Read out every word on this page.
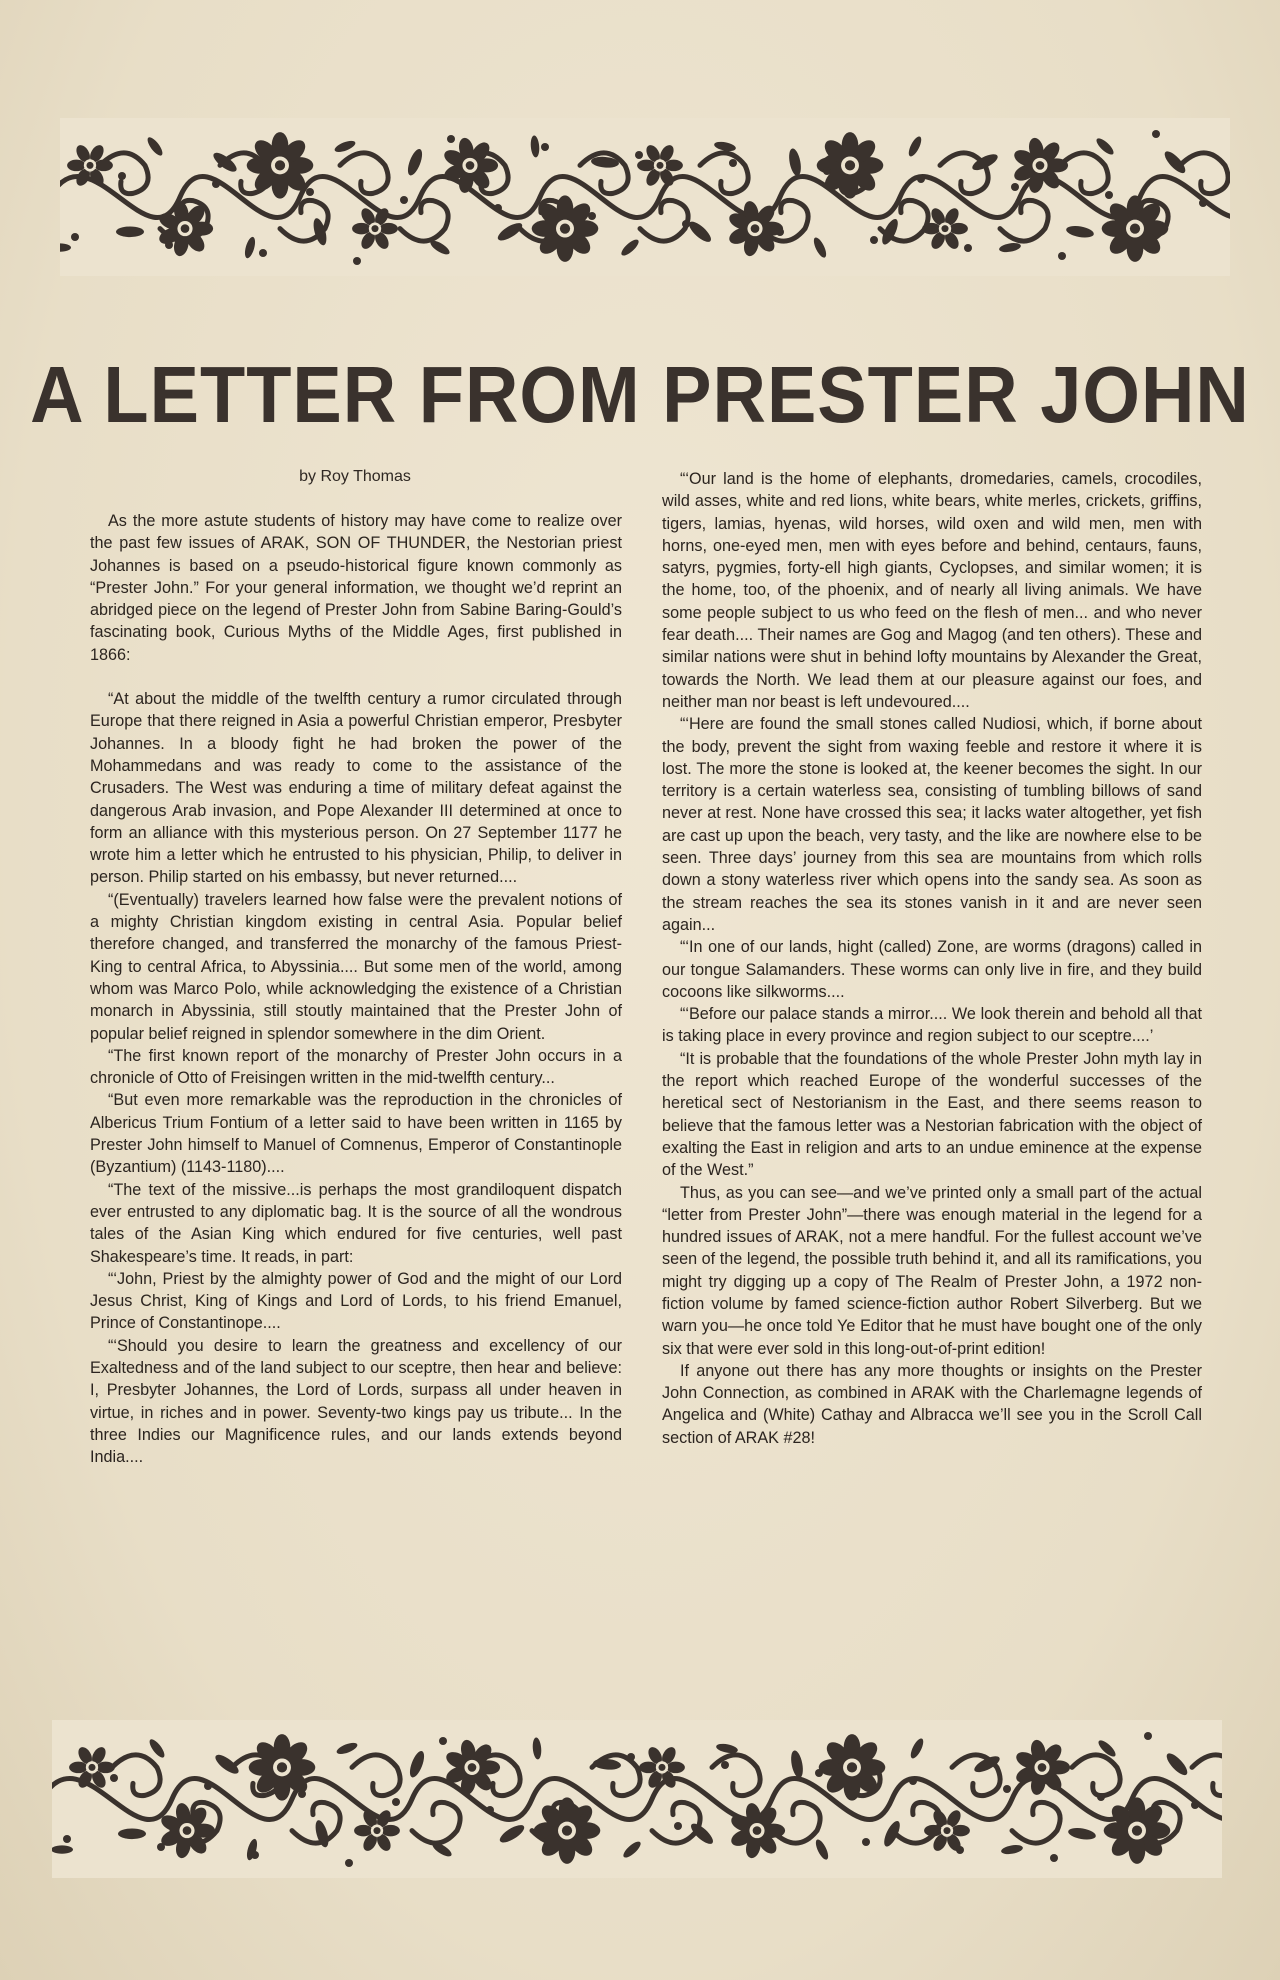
A LETTER FROM PRESTER JOHN
by Roy Thomas

As the more astute students of history may have come to realize over the past few issues of ARAK, SON OF THUNDER, the Nestorian priest Johannes is based on a pseudo-historical figure known commonly as “Prester John.” For your general information, we thought we’d reprint an abridged piece on the legend of Prester John from Sabine Baring-Gould’s fascinating book, Curious Myths of the Middle Ages, first published in 1866:

“At about the middle of the twelfth century a rumor circulated through Europe that there reigned in Asia a powerful Christian emperor, Presbyter Johannes. In a bloody fight he had broken the power of the Mohammedans and was ready to come to the assistance of the Crusaders. The West was enduring a time of military defeat against the dangerous Arab invasion, and Pope Alexander III determined at once to form an alliance with this mysterious person. On 27 September 1177 he wrote him a letter which he entrusted to his physician, Philip, to deliver in person. Philip started on his embassy, but never returned....

“(Eventually) travelers learned how false were the prevalent notions of a mighty Christian kingdom existing in central Asia. Popular belief therefore changed, and transferred the monarchy of the famous Priest-King to central Africa, to Abyssinia.... But some men of the world, among whom was Marco Polo, while acknowledging the existence of a Christian monarch in Abyssinia, still stoutly maintained that the Prester John of popular belief reigned in splendor somewhere in the dim Orient.

“The first known report of the monarchy of Prester John occurs in a chronicle of Otto of Freisingen written in the mid-twelfth century...

“But even more remarkable was the reproduction in the chronicles of Albericus Trium Fontium of a letter said to have been written in 1165 by Prester John himself to Manuel of Comnenus, Emperor of Constantinople (Byzantium) (1143-1180)....

“The text of the missive...is perhaps the most grandiloquent dispatch ever entrusted to any diplomatic bag. It is the source of all the wondrous tales of the Asian King which endured for five centuries, well past Shakespeare’s time. It reads, in part:

“‘John, Priest by the almighty power of God and the might of our Lord Jesus Christ, King of Kings and Lord of Lords, to his friend Emanuel, Prince of Constantinope....

“‘Should you desire to learn the greatness and excellency of our Exaltedness and of the land subject to our sceptre, then hear and believe: I, Presbyter Johannes, the Lord of Lords, surpass all under heaven in virtue, in riches and in power. Seventy-two kings pay us tribute... In the three Indies our Magnificence rules, and our lands extends beyond India....

“‘Our land is the home of elephants, dromedaries, camels, crocodiles, wild asses, white and red lions, white bears, white merles, crickets, griffins, tigers, lamias, hyenas, wild horses, wild oxen and wild men, men with horns, one-eyed men, men with eyes before and behind, centaurs, fauns, satyrs, pygmies, forty-ell high giants, Cyclopses, and similar women; it is the home, too, of the phoenix, and of nearly all living animals. We have some people subject to us who feed on the flesh of men... and who never fear death.... Their names are Gog and Magog (and ten others). These and similar nations were shut in behind lofty mountains by Alexander the Great, towards the North. We lead them at our pleasure against our foes, and neither man nor beast is left undevoured....

“‘Here are found the small stones called Nudiosi, which, if borne about the body, prevent the sight from waxing feeble and restore it where it is lost. The more the stone is looked at, the keener becomes the sight. In our territory is a certain waterless sea, consisting of tumbling billows of sand never at rest. None have crossed this sea; it lacks water altogether, yet fish are cast up upon the beach, very tasty, and the like are nowhere else to be seen. Three days’ journey from this sea are mountains from which rolls down a stony waterless river which opens into the sandy sea. As soon as the stream reaches the sea its stones vanish in it and are never seen again...

“‘In one of our lands, hight (called) Zone, are worms (dragons) called in our tongue Salamanders. These worms can only live in fire, and they build cocoons like silkworms....

“‘Before our palace stands a mirror.... We look therein and behold all that is taking place in every province and region subject to our sceptre....’

“It is probable that the foundations of the whole Prester John myth lay in the report which reached Europe of the wonderful successes of the heretical sect of Nestorianism in the East, and there seems reason to believe that the famous letter was a Nestorian fabrication with the object of exalting the East in religion and arts to an undue eminence at the expense of the West.”

Thus, as you can see—and we’ve printed only a small part of the actual “letter from Prester John”—there was enough material in the legend for a hundred issues of ARAK, not a mere handful. For the fullest account we’ve seen of the legend, the possible truth behind it, and all its ramifications, you might try digging up a copy of The Realm of Prester John, a 1972 non-fiction volume by famed science-fiction author Robert Silverberg. But we warn you—he once told Ye Editor that he must have bought one of the only six that were ever sold in this long-out-of-print edition!

If anyone out there has any more thoughts or insights on the Prester John Connection, as combined in ARAK with the Charlemagne legends of Angelica and (White) Cathay and Albracca we’ll see you in the Scroll Call section of ARAK #28!
